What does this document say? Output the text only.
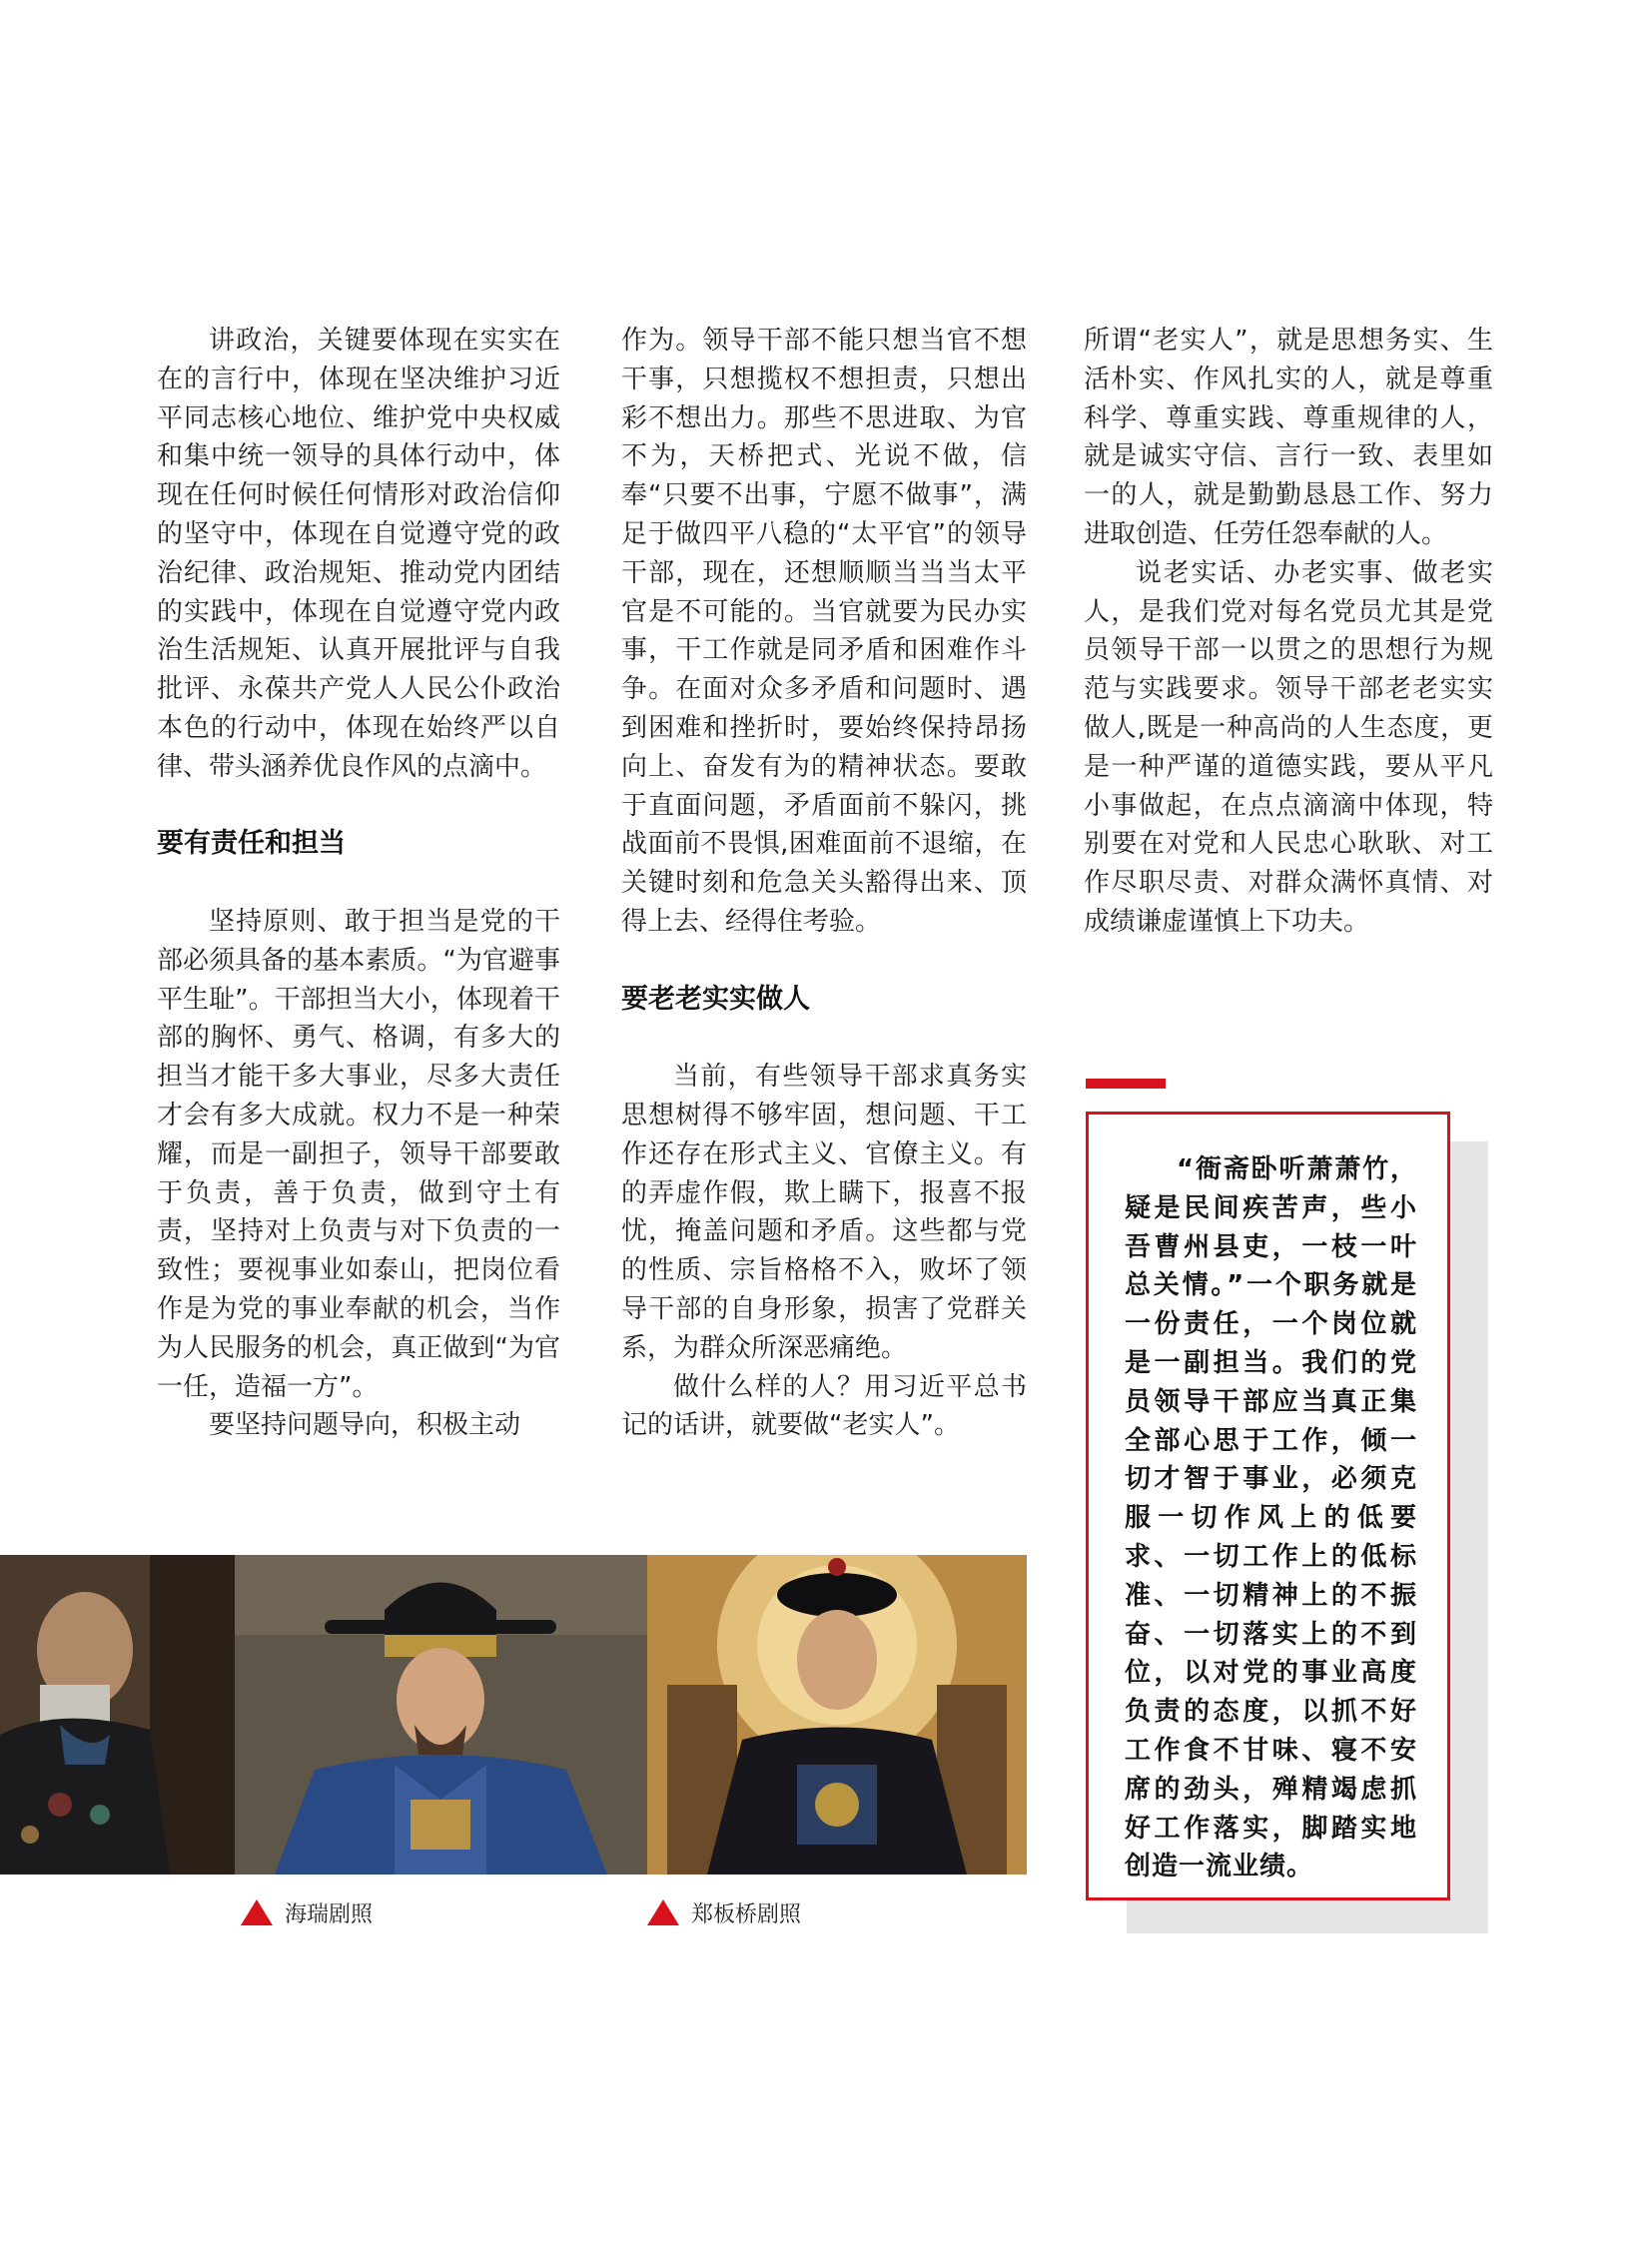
讲政治，关键要体现在实实在在的言行中，体现在坚决维护习近平同志核心地位、维护党中央权威和集中统一领导的具体行动中，体现在任何时候任何情形对政治信仰的坚守中，体现在自觉遵守党的政治纪律、政治规矩、推动党内团结的实践中，体现在自觉遵守党内政治生活规矩、认真开展批评与自我批评、永葆共产党人人民公仆政治本色的行动中，体现在始终严以自律、带头涵养优良作风的点滴中。

要有责任和担当

坚持原则、敢于担当是党的干部必须具备的基本素质。“为官避事平生耻”。干部担当大小，体现着干部的胸怀、勇气、格调，有多大的担当才能干多大事业，尽多大责任才会有多大成就。权力不是一种荣耀，而是一副担子，领导干部要敢于负责，善于负责，做到守土有责，坚持对上负责与对下负责的一致性；要视事业如泰山，把岗位看作是为党的事业奉献的机会，当作为人民服务的机会，真正做到“为官一任，造福一方”。

要坚持问题导向，积极主动

作为。领导干部不能只想当官不想干事，只想揽权不想担责，只想出彩不想出力。那些不思进取、为官不为，天桥把式、光说不做，信奉“只要不出事，宁愿不做事”，满足于做四平八稳的“太平官”的领导干部，现在，还想顺顺当当当太平官是不可能的。当官就要为民办实事，干工作就是同矛盾和困难作斗争。在面对众多矛盾和问题时、遇到困难和挫折时，要始终保持昂扬向上、奋发有为的精神状态。要敢于直面问题，矛盾面前不躲闪，挑战面前不畏惧,困难面前不退缩，在关键时刻和危急关头豁得出来、顶得上去、经得住考验。

要老老实实做人

当前，有些领导干部求真务实思想树得不够牢固，想问题、干工作还存在形式主义、官僚主义。有的弄虚作假，欺上瞒下，报喜不报忧，掩盖问题和矛盾。这些都与党的性质、宗旨格格不入，败坏了领导干部的自身形象，损害了党群关系，为群众所深恶痛绝。

做什么样的人？用习近平总书记的话讲，就要做“老实人”。

所谓“老实人”，就是思想务实、生活朴实、作风扎实的人，就是尊重科学、尊重实践、尊重规律的人，就是诚实守信、言行一致、表里如一的人，就是勤勤恳恳工作、努力进取创造、任劳任怨奉献的人。

说老实话、办老实事、做老实人，是我们党对每名党员尤其是党员领导干部一以贯之的思想行为规范与实践要求。领导干部老老实实做人,既是一种高尚的人生态度，更是一种严谨的道德实践，要从平凡小事做起，在点点滴滴中体现，特别要在对党和人民忠心耿耿、对工作尽职尽责、对群众满怀真情、对成绩谦虚谨慎上下功夫。

“衙斋卧听萧萧竹，疑是民间疾苦声，些小吾曹州县吏，一枝一叶总关情。”一个职务就是一份责任，一个岗位就是一副担当。我们的党员领导干部应当真正集全部心思于工作，倾一切才智于事业，必须克服一切作风上的低要求、一切工作上的低标准、一切精神上的不振奋、一切落实上的不到位，以对党的事业高度负责的态度，以抓不好工作食不甘味、寝不安席的劲头，殚精竭虑抓好工作落实，脚踏实地创造一流业绩。

海瑞剧照	郑板桥剧照
